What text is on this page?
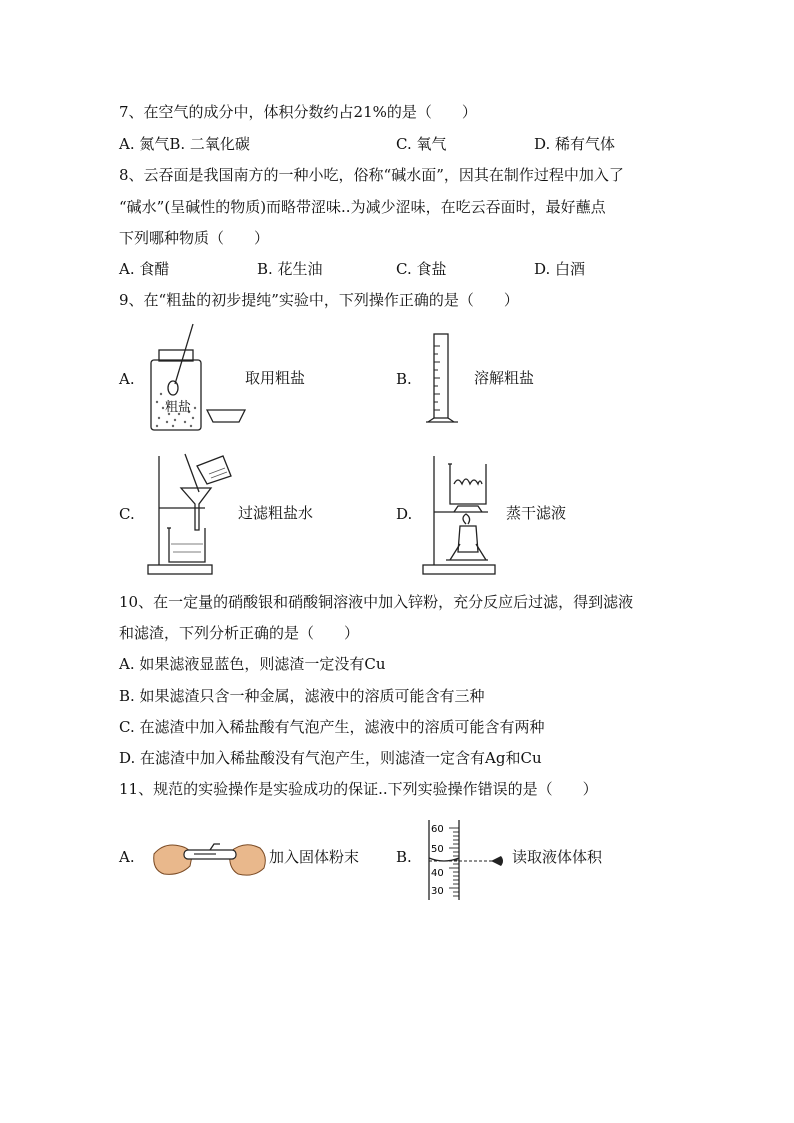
7、在空气的成分中，体积分数约占21%的是（　　）
A. 氮气B. 二氧化碳	C. 氧气	D. 稀有气体
8、云吞面是我国南方的一种小吃，俗称“碱水面”，因其在制作过程中加入了
“碱水”(呈碱性的物质)而略带涩味..为减少涩味，在吃云吞面时，最好蘸点
下列哪种物质（　　）
A. 食醋	B. 花生油	C. 食盐	D. 白酒
9、在“粗盐的初步提纯”实验中，下列操作正确的是（　　）
A.
粗盐
取用粗盐	B.	溶解粗盐
C.	过滤粗盐水	D.	蒸干滤液
10、在一定量的硝酸银和硝酸铜溶液中加入锌粉，充分反应后过滤，得到滤液
和滤渣，下列分析正确的是（　　）
A. 如果滤液显蓝色，则滤渣一定没有Cu
B. 如果滤渣只含一种金属，滤液中的溶质可能含有三种
C. 在滤渣中加入稀盐酸有气泡产生，滤液中的溶质可能含有两种
D. 在滤渣中加入稀盐酸没有气泡产生，则滤渣一定含有Ag和Cu
11、规范的实验操作是实验成功的保证..下列实验操作错误的是（　　）
A.	加入固体粉末 B.
60
50
40
30
读取液体体积
